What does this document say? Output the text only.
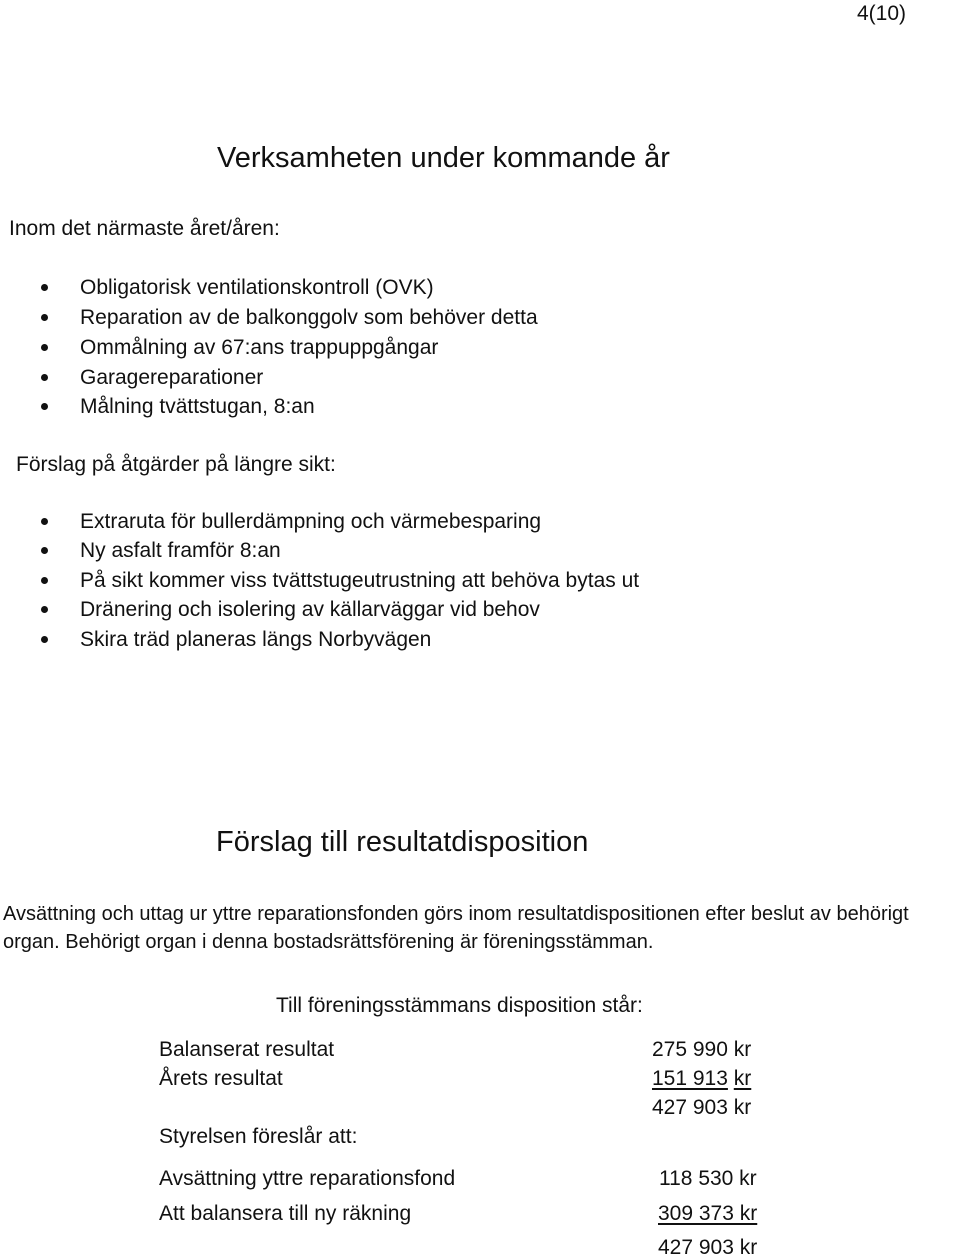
4(10)
Verksamheten under kommande år
Inom det närmaste året/åren:
Obligatorisk ventilationskontroll (OVK)
Reparation av de balkonggolv som behöver detta
Ommålning av 67:ans trappuppgångar
Garagereparationer
Målning tvättstugan, 8:an
Förslag på åtgärder på längre sikt:
Extraruta för bullerdämpning och värmebesparing
Ny asfalt framför 8:an
På sikt kommer viss tvättstugeutrustning att behöva bytas ut
Dränering och isolering av källarväggar vid behov
Skira träd planeras längs Norbyvägen
Förslag till resultatdisposition
Avsättning och uttag ur yttre reparationsfonden görs inom resultatdispositionen efter beslut av behörigt organ. Behörigt organ i denna bostadsrättsförening är föreningsstämman.
Till föreningsstämmans disposition står:
Balanserat resultat	275 990 kr
Årets resultat	151 913 kr
427 903 kr
Styrelsen föreslår att:
Avsättning yttre reparationsfond	118 530 kr
Att balansera till ny räkning	309 373 kr
427 903 kr
